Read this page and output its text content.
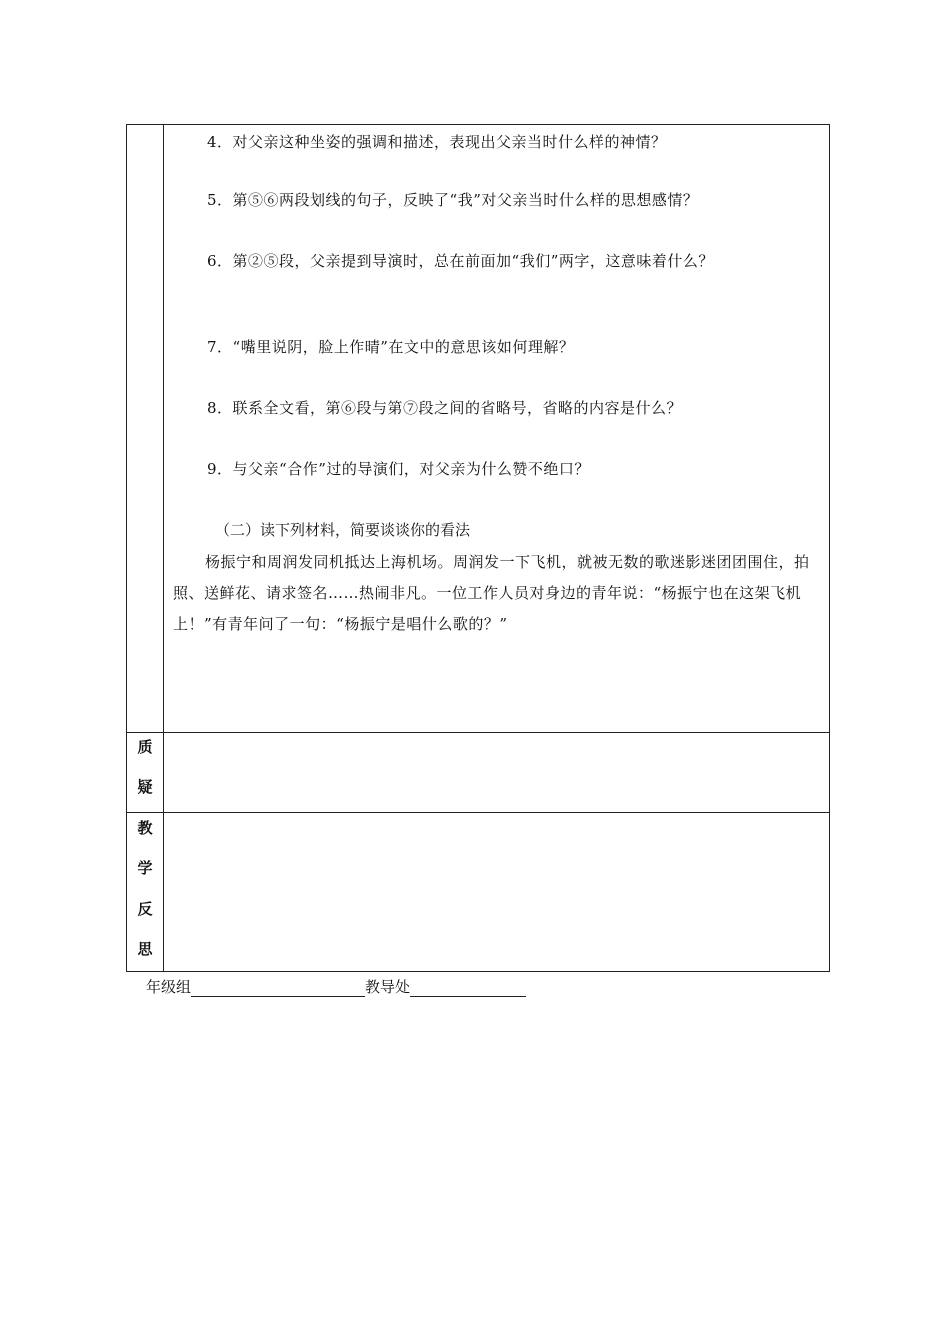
4．对父亲这种坐姿的强调和描述，表现出父亲当时什么样的神情？
5．第⑤⑥两段划线的句子，反映了“我”对父亲当时什么样的思想感情？
6．第②⑤段，父亲提到导演时，总在前面加“我们”两字，这意味着什么？
7．“嘴里说阴，脸上作晴”在文中的意思该如何理解？
8．联系全文看，第⑥段与第⑦段之间的省略号，省略的内容是什么？
9．与父亲“合作”过的导演们，对父亲为什么赞不绝口？
（二）读下列材料，简要谈谈你的看法
杨振宁和周润发同机抵达上海机场。周润发一下飞机，就被无数的歌迷影迷团团围住，拍照、送鲜花、请求签名……热闹非凡。一位工作人员对身边的青年说：“杨振宁也在这架飞机上！”有青年问了一句：“杨振宁是唱什么歌的？”
质
疑
教
学
反
思
年级组	教导处
